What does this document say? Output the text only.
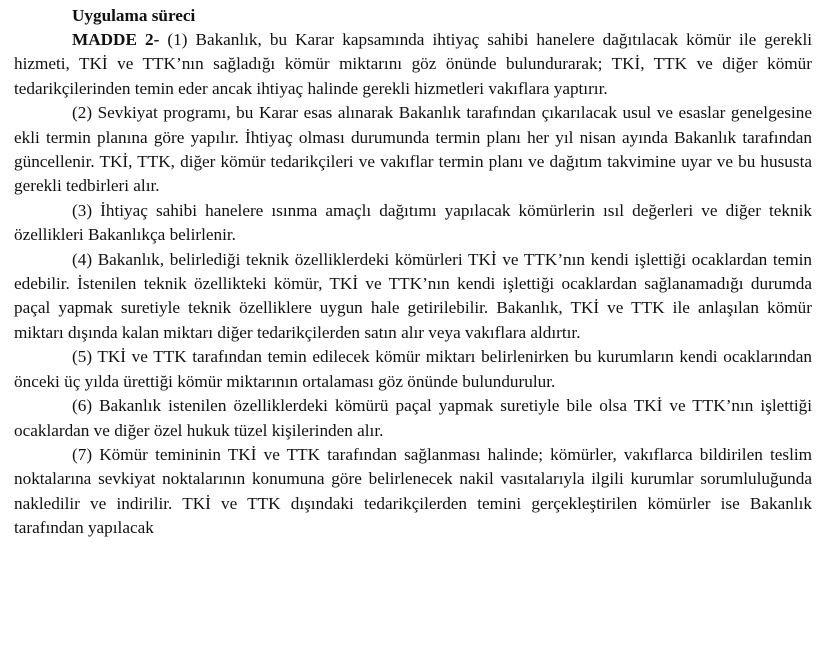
Uygulama süreci

MADDE 2- (1) Bakanlık, bu Karar kapsamında ihtiyaç sahibi hanelere dağıtılacak kömür ile gerekli hizmeti, TKİ ve TTK’nın sağladığı kömür miktarını göz önünde bulundurarak; TKİ, TTK ve diğer kömür tedarikçilerinden temin eder ancak ihtiyaç halinde gerekli hizmetleri vakıflara yaptırır.

(2) Sevkiyat programı, bu Karar esas alınarak Bakanlık tarafından çıkarılacak usul ve esaslar genelgesine ekli termin planına göre yapılır. İhtiyaç olması durumunda termin planı her yıl nisan ayında Bakanlık tarafından güncellenir. TKİ, TTK, diğer kömür tedarikçileri ve vakıflar termin planı ve dağıtım takvimine uyar ve bu hususta gerekli tedbirleri alır.

(3) İhtiyaç sahibi hanelere ısınma amaçlı dağıtımı yapılacak kömürlerin ısıl değerleri ve diğer teknik özellikleri Bakanlıkça belirlenir.

(4) Bakanlık, belirlediği teknik özelliklerdeki kömürleri TKİ ve TTK’nın kendi işlettiği ocaklardan temin edebilir. İstenilen teknik özellikteki kömür, TKİ ve TTK’nın kendi işlettiği ocaklardan sağlanamadığı durumda paçal yapmak suretiyle teknik özelliklere uygun hale getirilebilir. Bakanlık, TKİ ve TTK ile anlaşılan kömür miktarı dışında kalan miktarı diğer tedarikçilerden satın alır veya vakıflara aldırtır.

(5) TKİ ve TTK tarafından temin edilecek kömür miktarı belirlenirken bu kurumların kendi ocaklarından önceki üç yılda ürettiği kömür miktarının ortalaması göz önünde bulundurulur.

(6) Bakanlık istenilen özelliklerdeki kömürü paçal yapmak suretiyle bile olsa TKİ ve TTK’nın işlettiği ocaklardan ve diğer özel hukuk tüzel kişilerinden alır.

(7) Kömür temininin TKİ ve TTK tarafından sağlanması halinde; kömürler, vakıflarca bildirilen teslim noktalarına sevkiyat noktalarının konumuna göre belirlenecek nakil vasıtalarıyla ilgili kurumlar sorumluluğunda nakledilir ve indirilir. TKİ ve TTK dışındaki tedarikçilerden temini gerçekleştirilen kömürler ise Bakanlık tarafından yapılacak
